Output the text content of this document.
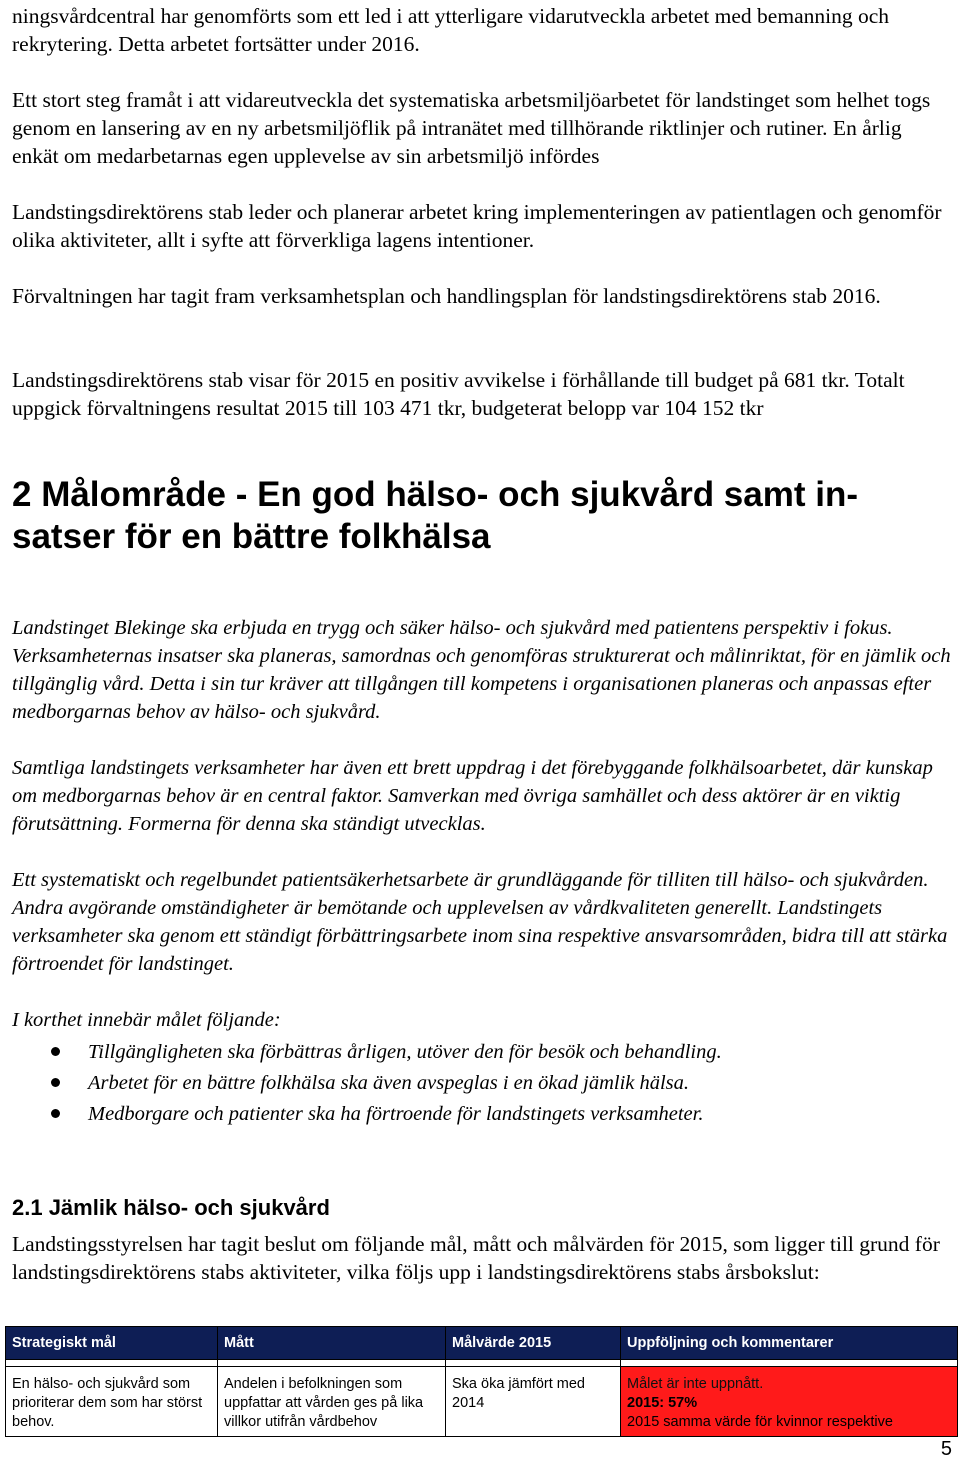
ningsvårdcentral har genomförts som ett led i att ytterligare vidarutveckla arbetet med bemanning och rekrytering. Detta arbetet fortsätter under 2016.

Ett stort steg framåt i att vidareutveckla det systematiska arbetsmiljöarbetet för landstinget som helhet togs genom en lansering av en ny arbetsmiljöflik på intranätet med tillhörande riktlinjer och rutiner. En årlig enkät om medarbetarnas egen upplevelse av sin arbetsmiljö infördes

Landstingsdirektörens stab leder och planerar arbetet kring implementeringen av patientlagen och genomför olika aktiviteter, allt i syfte att förverkliga lagens intentioner.

Förvaltningen har tagit fram verksamhetsplan och handlingsplan för landstingsdirektörens stab 2016.

Landstingsdirektörens stab visar för 2015 en positiv avvikelse i förhållande till budget på 681 tkr. Totalt uppgick förvaltningens resultat 2015 till 103 471 tkr, budgeterat belopp var 104 152 tkr

2 Målområde - En god hälso- och sjukvård samt in-
satser för en bättre folkhälsa

Landstinget Blekinge ska erbjuda en trygg och säker hälso- och sjukvård med patientens perspektiv i fokus. Verksamheternas insatser ska planeras, samordnas och genomföras strukturerat och målinriktat, för en jämlik och tillgänglig vård. Detta i sin tur kräver att tillgången till kompetens i organisationen planeras och anpassas efter medborgarnas behov av hälso- och sjukvård.

Samtliga landstingets verksamheter har även ett brett uppdrag i det förebyggande folkhälsoarbetet, där kunskap om medborgarnas behov är en central faktor. Samverkan med övriga samhället och dess aktörer är en viktig förutsättning. Formerna för denna ska ständigt utvecklas.

Ett systematiskt och regelbundet patientsäkerhetsarbete är grundläggande för tilliten till hälso- och sjukvården. Andra avgörande omständigheter är bemötande och upplevelsen av vårdkvaliteten generellt. Landstingets verksamheter ska genom ett ständigt förbättringsarbete inom sina respektive ansvarsområden, bidra till att stärka förtroendet för landstinget.

I korthet innebär målet följande:

Tillgängligheten ska förbättras årligen, utöver den för besök och behandling.
Arbetet för en bättre folkhälsa ska även avspeglas i en ökad jämlik hälsa.
Medborgare och patienter ska ha förtroende för landstingets verksamheter.
2.1 Jämlik hälso- och sjukvård

Landstingsstyrelsen har tagit beslut om följande mål, mått och målvärden för 2015, som ligger till grund för landstingsdirektörens stabs aktiviteter, vilka följs upp i landstingsdirektörens stabs årsbokslut:

Strategiskt mål	Mått	Målvärde 2015	Uppföljning och kommentarer

En hälso- och sjukvård som prioriterar dem som har störst behov.	Andelen i befolkningen som uppfattar att vården ges på lika villkor utifrån vårdbehov	Ska öka jämfört med 2014	Målet är inte uppnått.
2015: 57%
2015 samma värde för kvinnor respektive
5
